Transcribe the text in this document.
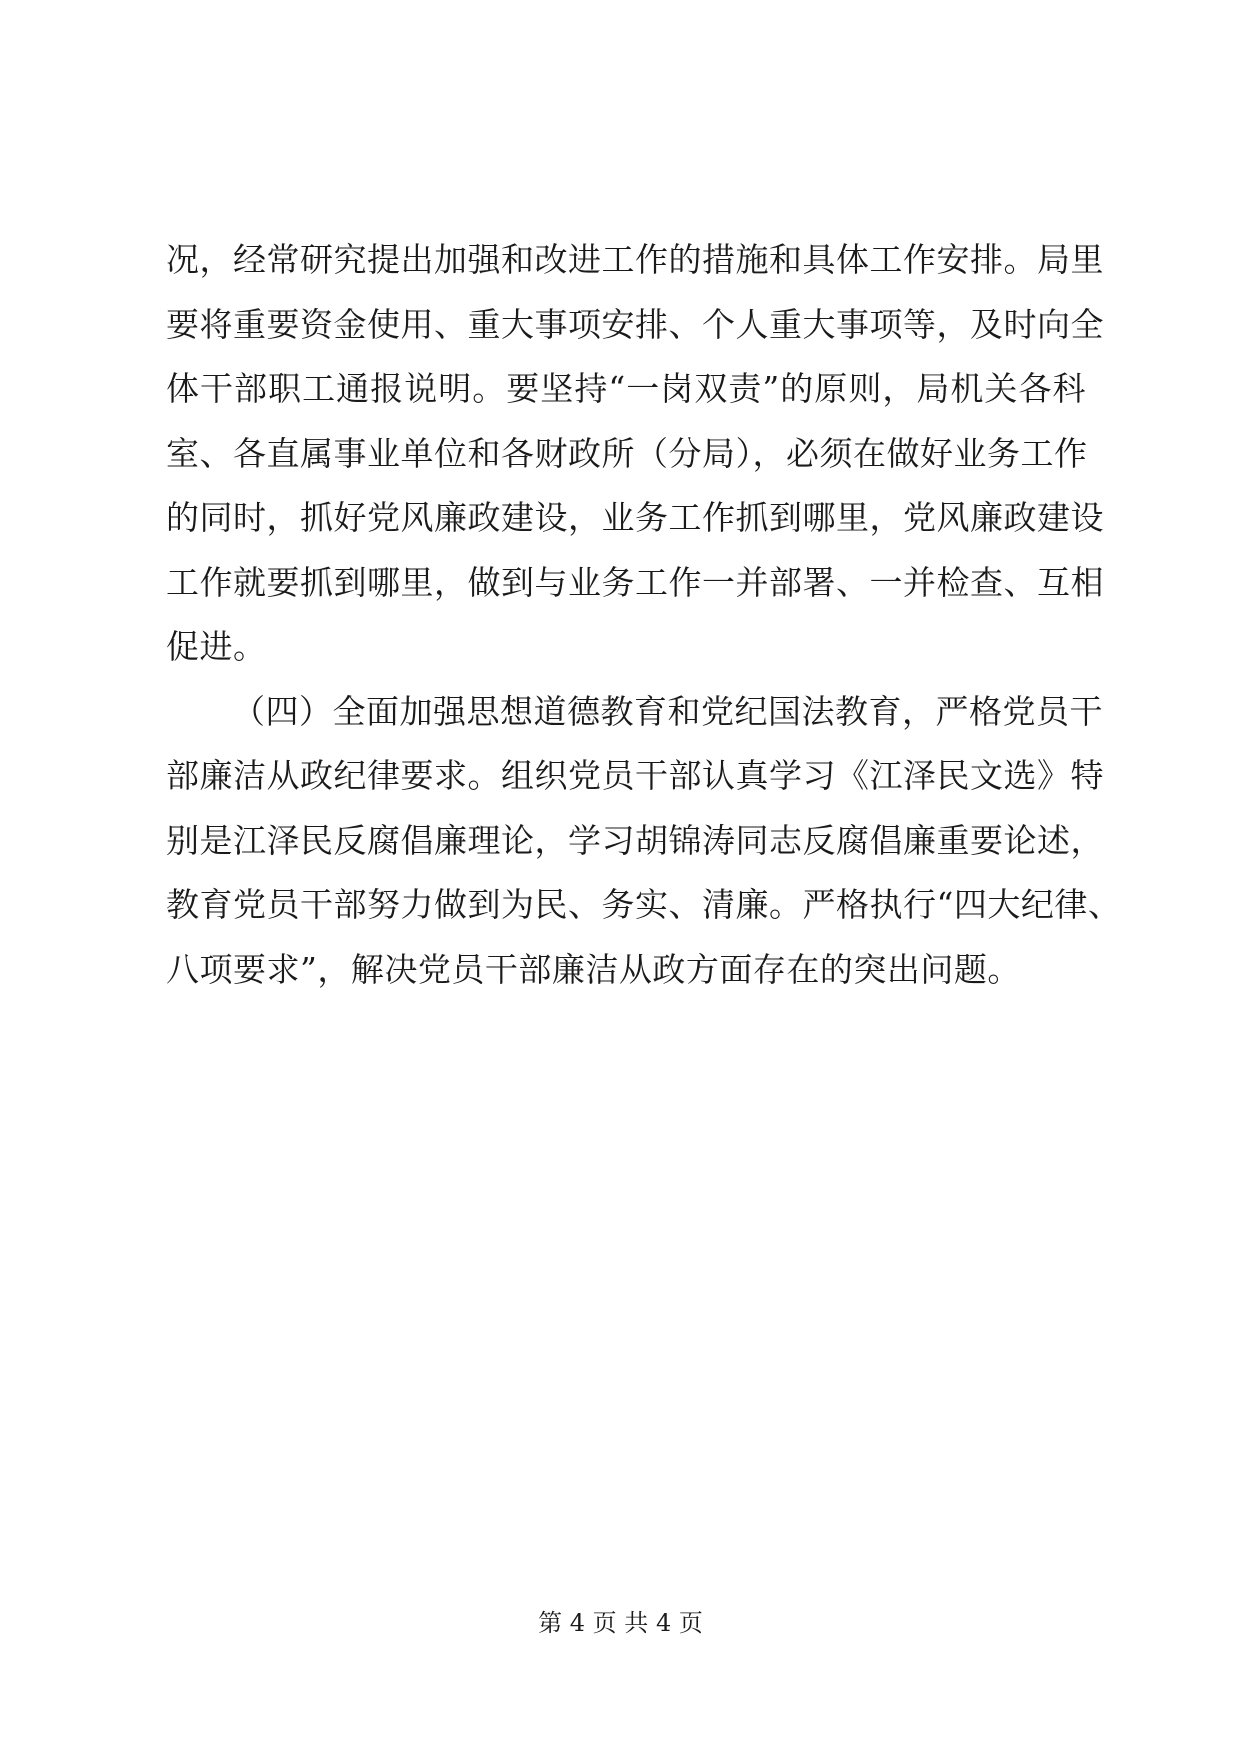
况，经常研究提出加强和改进工作的措施和具体工作安排。局里
要将重要资金使用、重大事项安排、个人重大事项等，及时向全
体干部职工通报说明。要坚持“一岗双责”的原则，局机关各科
室、各直属事业单位和各财政所（分局），必须在做好业务工作
的同时，抓好党风廉政建设，业务工作抓到哪里，党风廉政建设
工作就要抓到哪里，做到与业务工作一并部署、一并检查、互相
促进。
（四）全面加强思想道德教育和党纪国法教育，严格党员干
部廉洁从政纪律要求。组织党员干部认真学习《江泽民文选》特
别是江泽民反腐倡廉理论，学习胡锦涛同志反腐倡廉重要论述，
教育党员干部努力做到为民、务实、清廉。严格执行“四大纪律、
八项要求”，解决党员干部廉洁从政方面存在的突出问题。
第 4 页 共 4 页
